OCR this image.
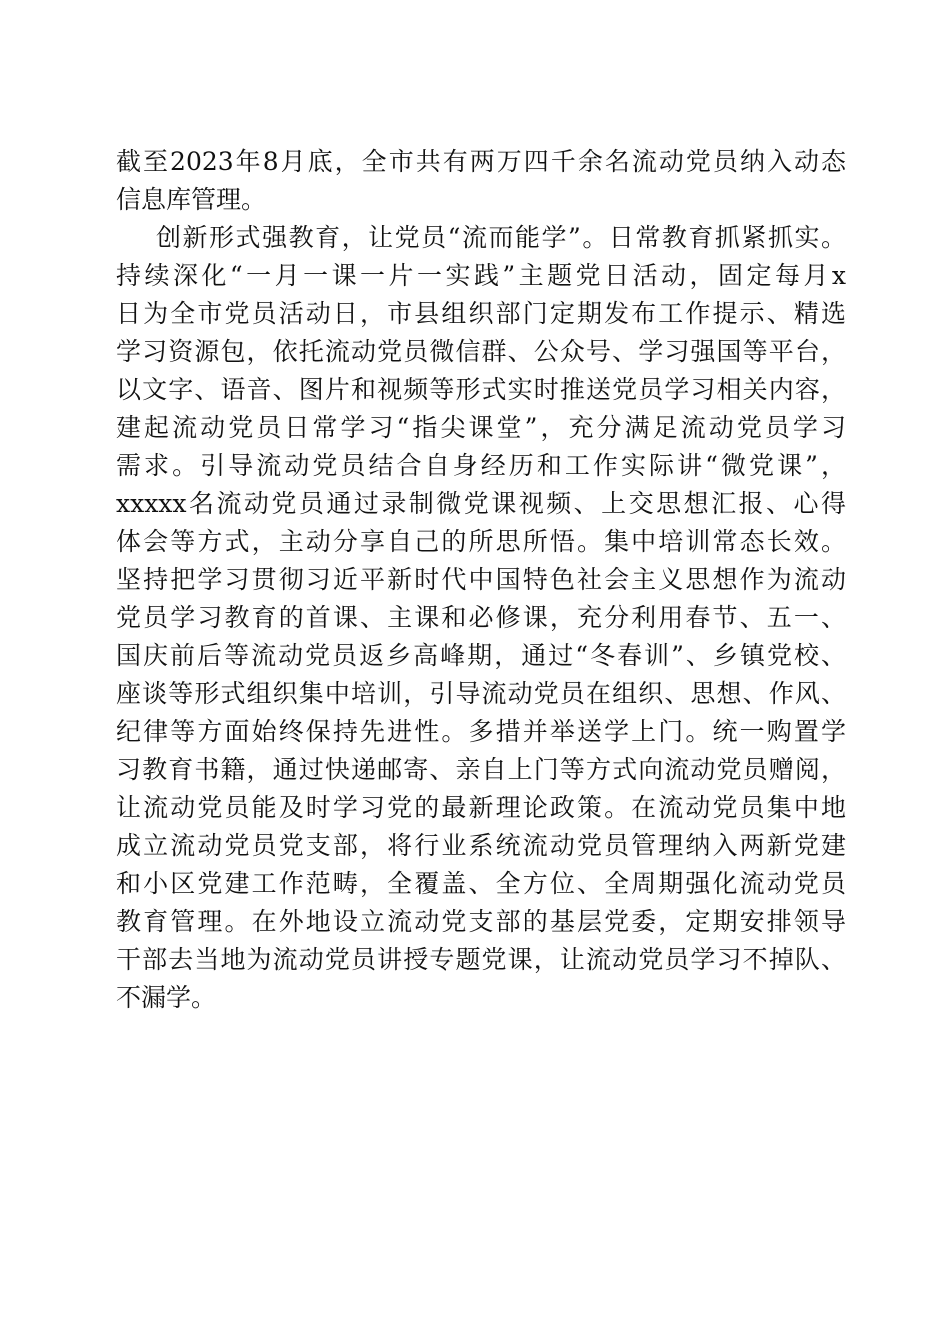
截至2023年8月底，全市共有两万四千余名流动党员纳入动态
信息库管理。
创新形式强教育，让党员“流而能学”。日常教育抓紧抓实。
持续深化“一月一课一片一实践”主题党日活动，固定每月x
日为全市党员活动日，市县组织部门定期发布工作提示、精选
学习资源包，依托流动党员微信群、公众号、学习强国等平台，
以文字、语音、图片和视频等形式实时推送党员学习相关内容，
建起流动党员日常学习“指尖课堂”，充分满足流动党员学习
需求。引导流动党员结合自身经历和工作实际讲“微党课”，
xxxxx名流动党员通过录制微党课视频、上交思想汇报、心得
体会等方式，主动分享自己的所思所悟。集中培训常态长效。
坚持把学习贯彻习近平新时代中国特色社会主义思想作为流动
党员学习教育的首课、主课和必修课，充分利用春节、五一、
国庆前后等流动党员返乡高峰期，通过“冬春训”、乡镇党校、
座谈等形式组织集中培训，引导流动党员在组织、思想、作风、
纪律等方面始终保持先进性。多措并举送学上门。统一购置学
习教育书籍，通过快递邮寄、亲自上门等方式向流动党员赠阅，
让流动党员能及时学习党的最新理论政策。在流动党员集中地
成立流动党员党支部，将行业系统流动党员管理纳入两新党建
和小区党建工作范畴，全覆盖、全方位、全周期强化流动党员
教育管理。在外地设立流动党支部的基层党委，定期安排领导
干部去当地为流动党员讲授专题党课，让流动党员学习不掉队、
不漏学。
